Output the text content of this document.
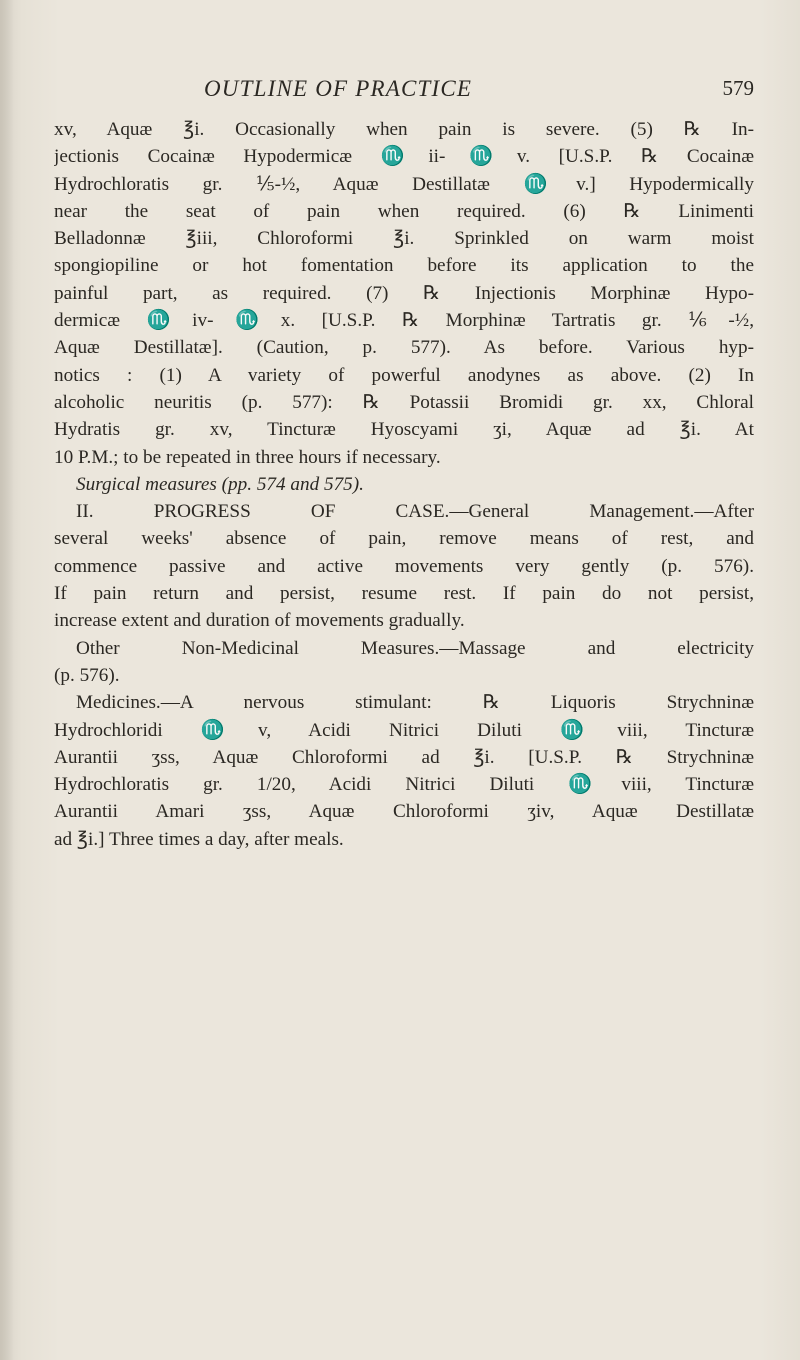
OUTLINE OF PRACTICE	579
xv, Aquæ ℥i. Occasionally when pain is severe. (5) ℞ In-
jectionis Cocainæ Hypodermicæ ♏ii-♏v. [U.S.P. ℞ Cocainæ
Hydrochloratis gr. ⅕-½, Aquæ Destillatæ ♏v.] Hypodermically
near the seat of pain when required. (6) ℞ Linimenti
Belladonnæ ℥iii, Chloroformi ℥i. Sprinkled on warm moist
spongiopiline or hot fomentation before its application to the
painful part, as required. (7) ℞ Injectionis Morphinæ Hypo-
dermicæ ♏iv-♏x. [U.S.P. ℞ Morphinæ Tartratis gr. ⅙-½,
Aquæ Destillatæ]. (Caution, p. 577). As before. Various hyp-
notics : (1) A variety of powerful anodynes as above. (2) In
alcoholic neuritis (p. 577): ℞ Potassii Bromidi gr. xx, Chloral
Hydratis gr. xv, Tincturæ Hyoscyami ʒi, Aquæ ad ℥i. At
10 P.M.; to be repeated in three hours if necessary.
Surgical measures (pp. 574 and 575).
II. PROGRESS OF CASE.—General Management.—After
several weeks' absence of pain, remove means of rest, and
commence passive and active movements very gently (p. 576).
If pain return and persist, resume rest. If pain do not persist,
increase extent and duration of movements gradually.
Other Non-Medicinal Measures.—Massage and electricity
(p. 576).
Medicines.—A nervous stimulant: ℞ Liquoris Strychninæ
Hydrochloridi ♏v, Acidi Nitrici Diluti ♏viii, Tincturæ
Aurantii ʒss, Aquæ Chloroformi ad ℥i. [U.S.P. ℞ Strychninæ
Hydrochloratis gr. 1/20, Acidi Nitrici Diluti ♏viii, Tincturæ
Aurantii Amari ʒss, Aquæ Chloroformi ʒiv, Aquæ Destillatæ
ad ℥i.] Three times a day, after meals.
